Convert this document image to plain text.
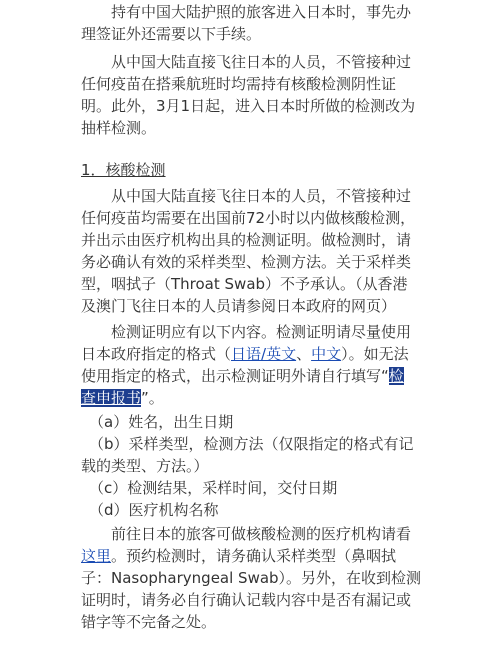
持有中国大陆护照的旅客进入日本时，事先办
理签证外还需要以下手续。
从中国大陆直接飞往日本的人员，不管接种过
任何疫苗在搭乘航班时均需持有核酸检测阴性证
明。此外，3月1日起，进入日本时所做的检测改为
抽样检测。
1．核酸检测
从中国大陆直接飞往日本的人员，不管接种过
任何疫苗均需要在出国前72小时以内做核酸检测，
并出示由医疗机构出具的检测证明。做检测时，请
务必确认有效的采样类型、检测方法。关于采样类
型，咽拭子（Throat Swab）不予承认。（从香港
及澳门飞往日本的人员请参阅日本政府的网页）
检测证明应有以下内容。检测证明请尽量使用
日本政府指定的格式（日语/英文、中文）。如无法
使用指定的格式，出示检测证明外请自行填写“检
查申报书”。
（a）姓名，出生日期
（b）采样类型，检测方法（仅限指定的格式有记
载的类型、方法。）
（c）检测结果，采样时间，交付日期
（d）医疗机构名称
前往日本的旅客可做核酸检测的医疗机构请看
这里。预约检测时，请务确认采样类型（鼻咽拭
子：Nasopharyngeal Swab）。另外，在收到检测
证明时，请务必自行确认记载内容中是否有漏记或
错字等不完备之处。
